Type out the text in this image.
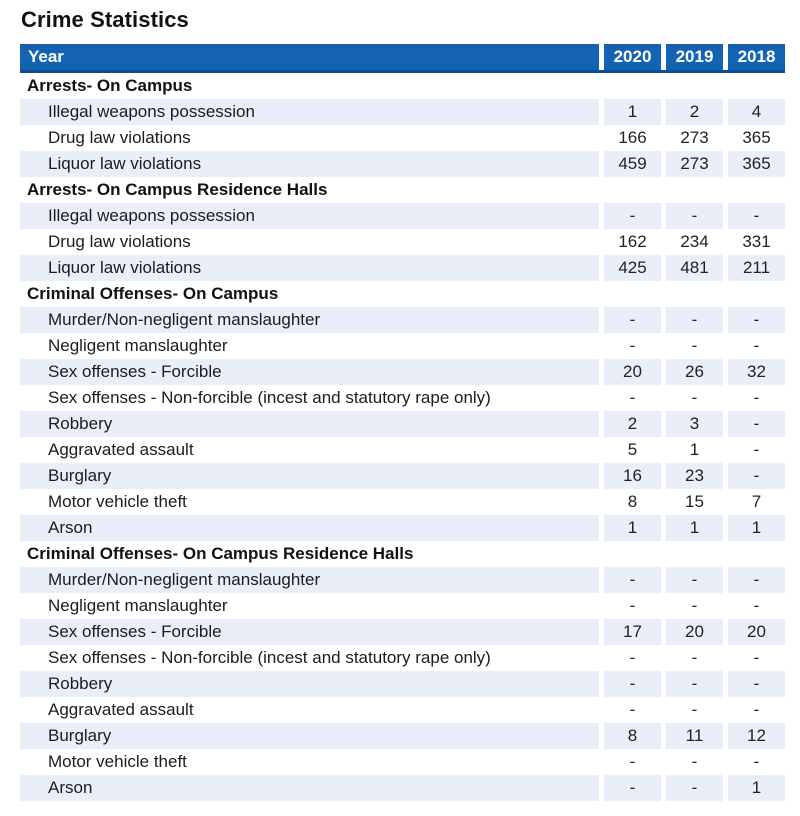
Crime Statistics
Year	2020	2019	2018
Arrests- On Campus
Illegal weapons possession	1	2	4
Drug law violations	166	273	365
Liquor law violations	459	273	365
Arrests- On Campus Residence Halls
Illegal weapons possession	-	-	-
Drug law violations	162	234	331
Liquor law violations	425	481	211
Criminal Offenses- On Campus
Murder/Non-negligent manslaughter	-	-	-
Negligent manslaughter	-	-	-
Sex offenses - Forcible	20	26	32
Sex offenses - Non-forcible (incest and statutory rape only)	-	-	-
Robbery	2	3	-
Aggravated assault	5	1	-
Burglary	16	23	-
Motor vehicle theft	8	15	7
Arson	1	1	1
Criminal Offenses- On Campus Residence Halls
Murder/Non-negligent manslaughter	-	-	-
Negligent manslaughter	-	-	-
Sex offenses - Forcible	17	20	20
Sex offenses - Non-forcible (incest and statutory rape only)	-	-	-
Robbery	-	-	-
Aggravated assault	-	-	-
Burglary	8	11	12
Motor vehicle theft	-	-	-
Arson	-	-	1
